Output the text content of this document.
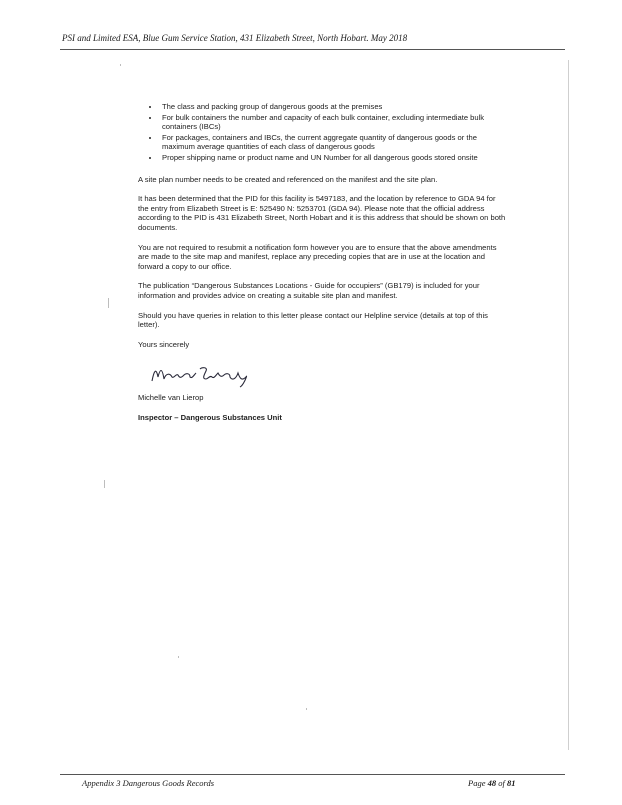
PSI and Limited ESA, Blue Gum Service Station, 431 Elizabeth Street, North Hobart. May 2018
• The class and packing group of dangerous goods at the premises
• For bulk containers the number and capacity of each bulk container, excluding intermediate bulk containers (IBCs)
• For packages, containers and IBCs, the current aggregate quantity of dangerous goods or the maximum average quantities of each class of dangerous goods
• Proper shipping name or product name and UN Number for all dangerous goods stored onsite

A site plan number needs to be created and referenced on the manifest and the site plan.

It has been determined that the PID for this facility is 5497183, and the location by reference to GDA 94 for the entry from Elizabeth Street is E: 525490 N: 5253701 (GDA 94). Please note that the official address according to the PID is 431 Elizabeth Street, North Hobart and it is this address that should be shown on both documents.

You are not required to resubmit a notification form however you are to ensure that the above amendments are made to the site map and manifest, replace any preceding copies that are in use at the location and forward a copy to our office.

The publication “Dangerous Substances Locations - Guide for occupiers” (GB179) is included for your information and provides advice on creating a suitable site plan and manifest.

Should you have queries in relation to this letter please contact our Helpline service (details at top of this letter).

Yours sincerely

Michelle van Lierop

Inspector – Dangerous Substances Unit

Appendix 3 Dangerous Goods Records	Page 48 of 81
